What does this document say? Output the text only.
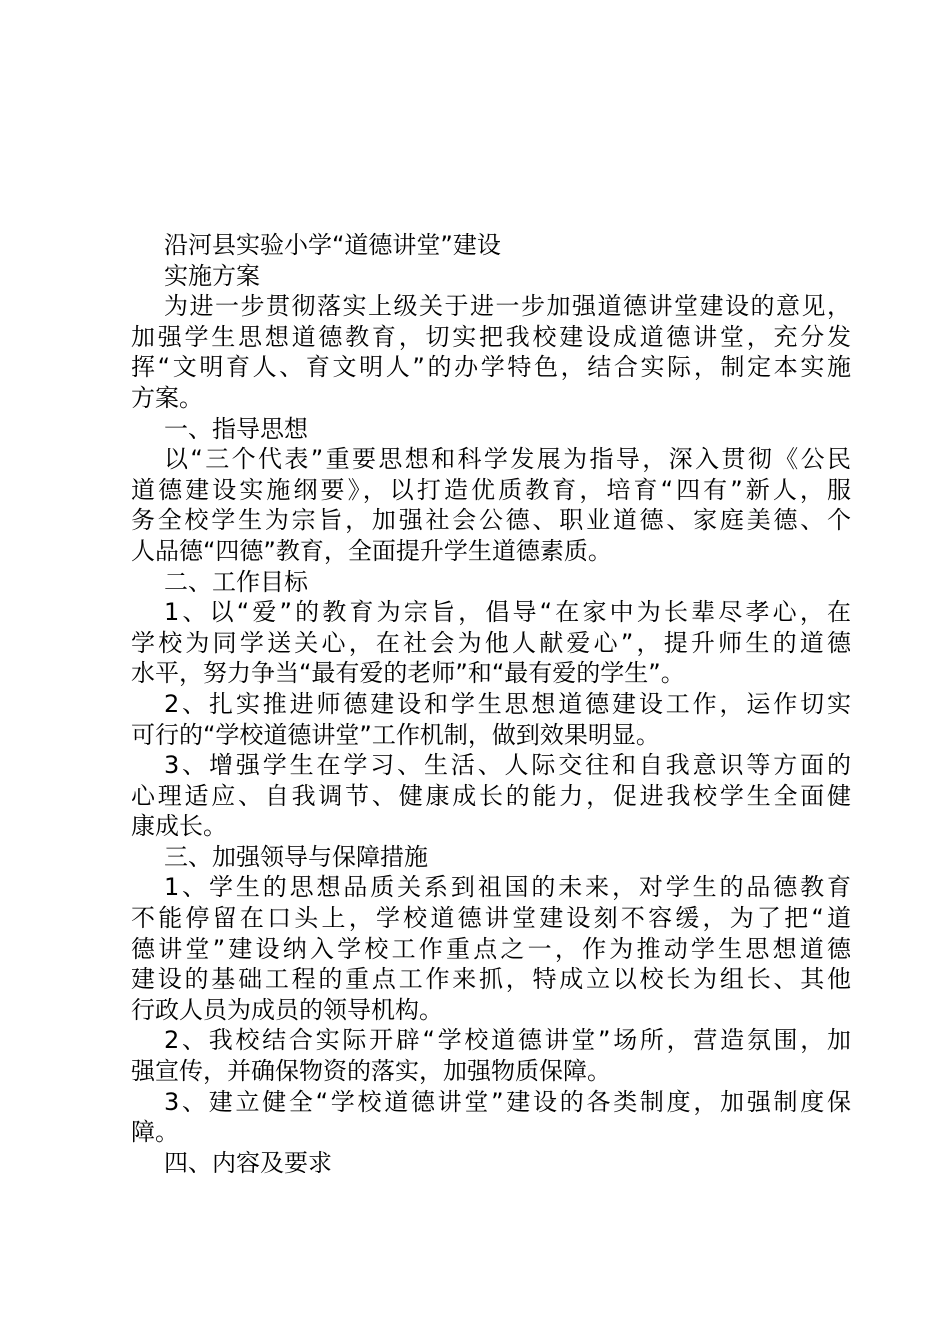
沿河县实验小学“道德讲堂”建设
实施方案
为进一步贯彻落实上级关于进一步加强道德讲堂建设的意见，
加强学生思想道德教育，切实把我校建设成道德讲堂，充分发
挥“文明育人、育文明人”的办学特色，结合实际，制定本实施
方案。
一、指导思想
以“三个代表”重要思想和科学发展为指导，深入贯彻《公民
道德建设实施纲要》，以打造优质教育，培育“四有”新人，服
务全校学生为宗旨，加强社会公德、职业道德、家庭美德、个
人品德“四德”教育，全面提升学生道德素质。
二、工作目标
1、以“爱”的教育为宗旨，倡导“在家中为长辈尽孝心，在
学校为同学送关心，在社会为他人献爱心”，提升师生的道德
水平，努力争当“最有爱的老师”和“最有爱的学生”。
2、扎实推进师德建设和学生思想道德建设工作，运作切实
可行的“学校道德讲堂”工作机制，做到效果明显。
3、增强学生在学习、生活、人际交往和自我意识等方面的
心理适应、自我调节、健康成长的能力，促进我校学生全面健
康成长。
三、加强领导与保障措施
1、学生的思想品质关系到祖国的未来，对学生的品德教育
不能停留在口头上，学校道德讲堂建设刻不容缓，为了把“道
德讲堂”建设纳入学校工作重点之一，作为推动学生思想道德
建设的基础工程的重点工作来抓，特成立以校长为组长、其他
行政人员为成员的领导机构。
2、我校结合实际开辟“学校道德讲堂”场所，营造氛围，加
强宣传，并确保物资的落实，加强物质保障。
3、建立健全“学校道德讲堂”建设的各类制度，加强制度保
障。
四、内容及要求
